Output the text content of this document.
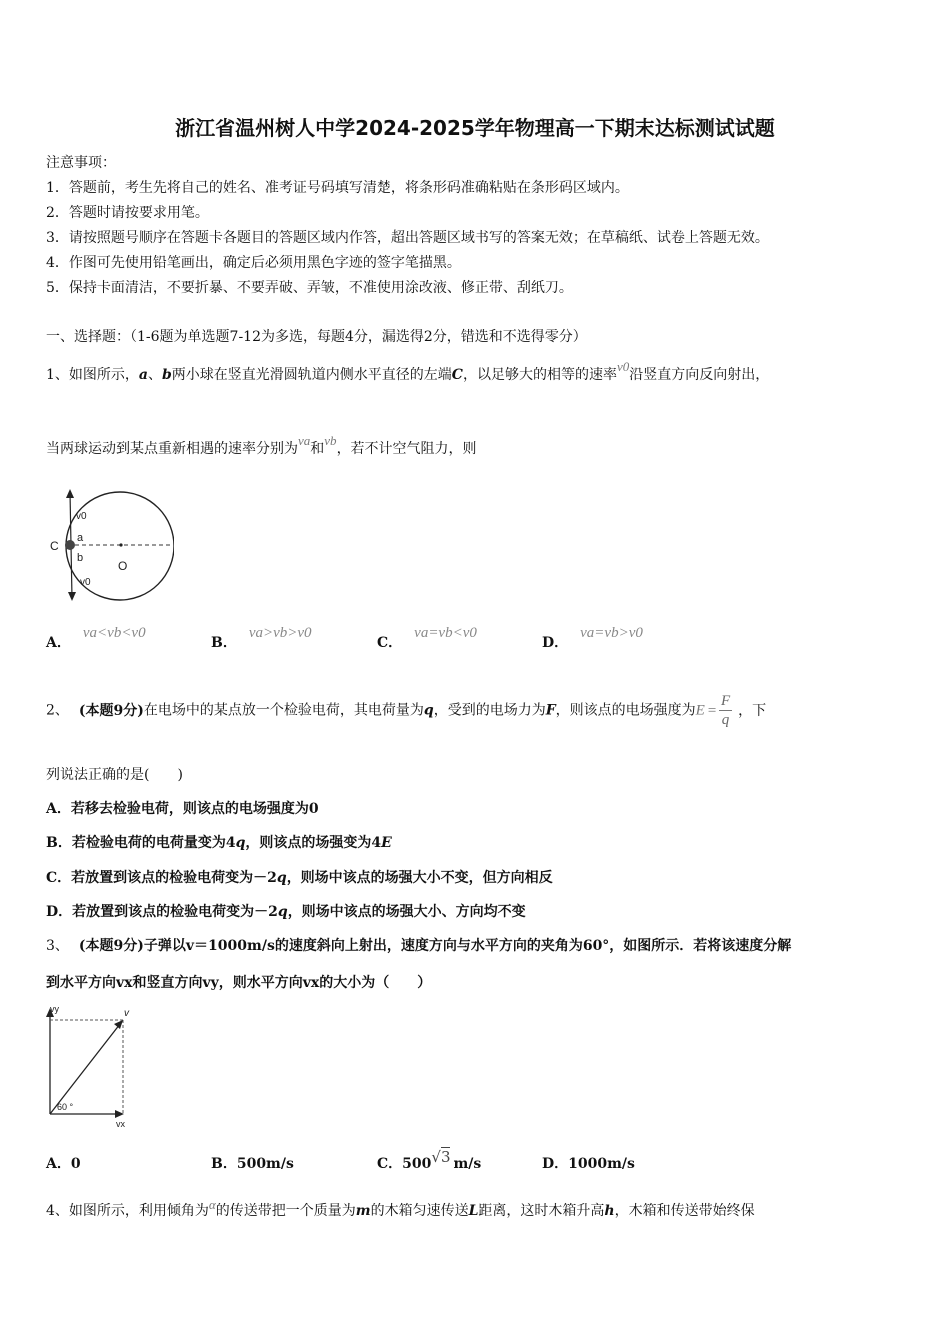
浙江省温州树人中学2024-2025学年物理高一下期末达标测试试题
注意事项：
1．答题前，考生先将自己的姓名、准考证号码填写清楚，将条形码准确粘贴在条形码区域内。
2．答题时请按要求用笔。
3．请按照题号顺序在答题卡各题目的答题区域内作答，超出答题区域书写的答案无效；在草稿纸、试卷上答题无效。
4．作图可先使用铅笔画出，确定后必须用黑色字迹的签字笔描黑。
5．保持卡面清洁，不要折暴、不要弄破、弄皱，不准使用涂改液、修正带、刮纸刀。
一、选择题：（1-6题为单选题7-12为多选，每题4分，漏选得2分，错选和不选得零分）
1、如图所示，a、b两小球在竖直光滑圆轨道内侧水平直径的左端C，以足够大的相等的速率v0沿竖直方向反向射出，
当两球运动到某点重新相遇的速率分别为va和vb，若不计空气阻力，则
v0
C
a
b
O
v0
A．va<vb<v0
B．va>vb>v0
C．va=vb<v0
D．va=vb>v0
2、 (本题9分)在电场中的某点放一个检验电荷，其电荷量为q，受到的电场力为F，则该点的电场强度为$E = \frac{F}{q}$ ，下
列说法正确的是(　　)
A．若移去检验电荷，则该点的电场强度为0
B．若检验电荷的电荷量变为4q，则该点的场强变为4E
C．若放置到该点的检验电荷变为－2q，则场中该点的场强大小不变，但方向相反
D．若放置到该点的检验电荷变为－2q，则场中该点的场强大小、方向均不变
3、 (本题9分)子弹以v＝1000m/s的速度斜向上射出，速度方向与水平方向的夹角为60°，如图所示．若将该速度分解
到水平方向vx和竖直方向vy，则水平方向vx的大小为（　　）
vy	v
60 °
vx
A．0	B．500m/s	C．500√3 m/s	D．1000m/s
4、如图所示，利用倾角为α的传送带把一个质量为m的木箱匀速传送L距离，这时木箱升高h，木箱和传送带始终保
